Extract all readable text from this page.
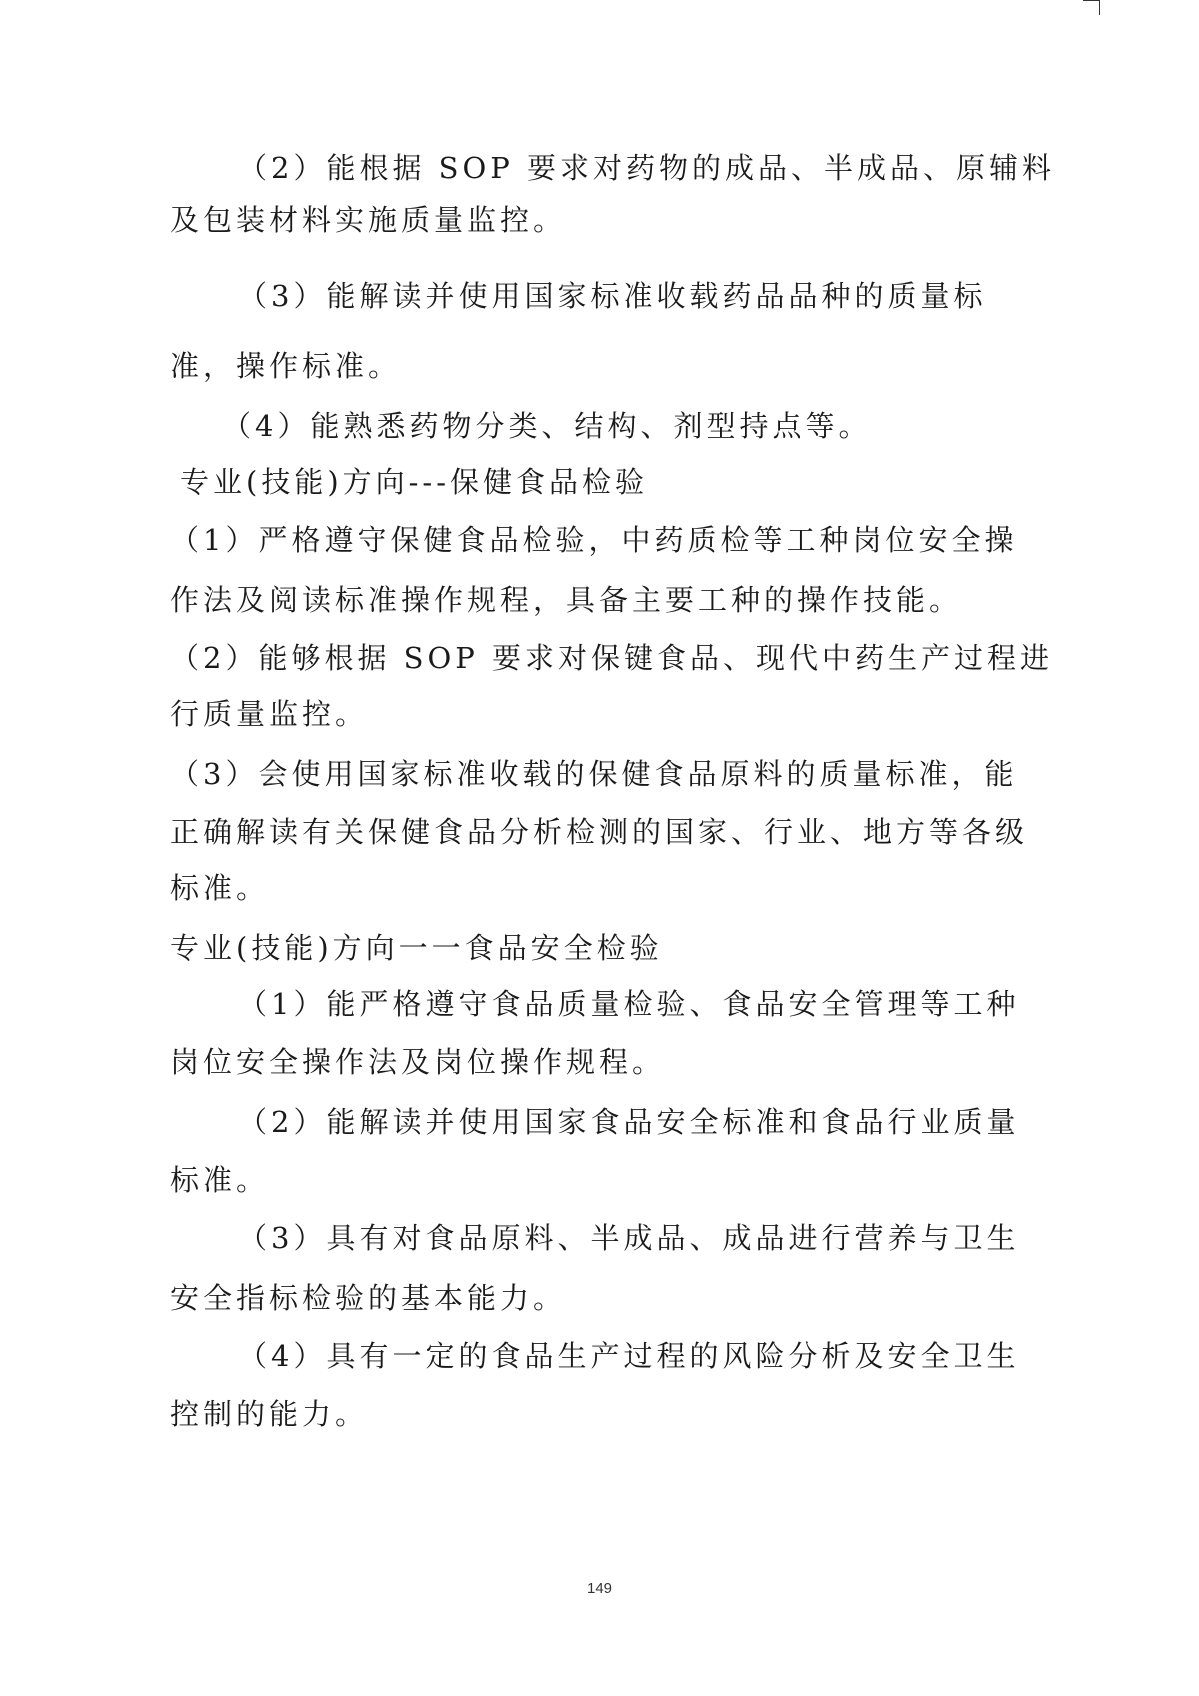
（2）能根据 SOP 要求对药物的成品、半成品、原辅料
及包装材料实施质量监控。
（3）能解读并使用国家标准收载药品品种的质量标
准，操作标准。
（4）能熟悉药物分类、结构、剂型持点等。
专业(技能)方向---保健食品检验
（1）严格遵守保健食品检验，中药质检等工种岗位安全操
作法及阅读标准操作规程，具备主要工种的操作技能。
（2）能够根据 SOP 要求对保键食品、现代中药生产过程进
行质量监控。
（3）会使用国家标准收载的保健食品原料的质量标准，能
正确解读有关保健食品分析检测的国家、行业、地方等各级
标准。
专业(技能)方向一一食品安全检验
（1）能严格遵守食品质量检验、食品安全管理等工种
岗位安全操作法及岗位操作规程。
（2）能解读并使用国家食品安全标准和食品行业质量
标准。
（3）具有对食品原料、半成品、成品进行营养与卫生
安全指标检验的基本能力。
（4）具有一定的食品生产过程的风险分析及安全卫生
控制的能力。
149
